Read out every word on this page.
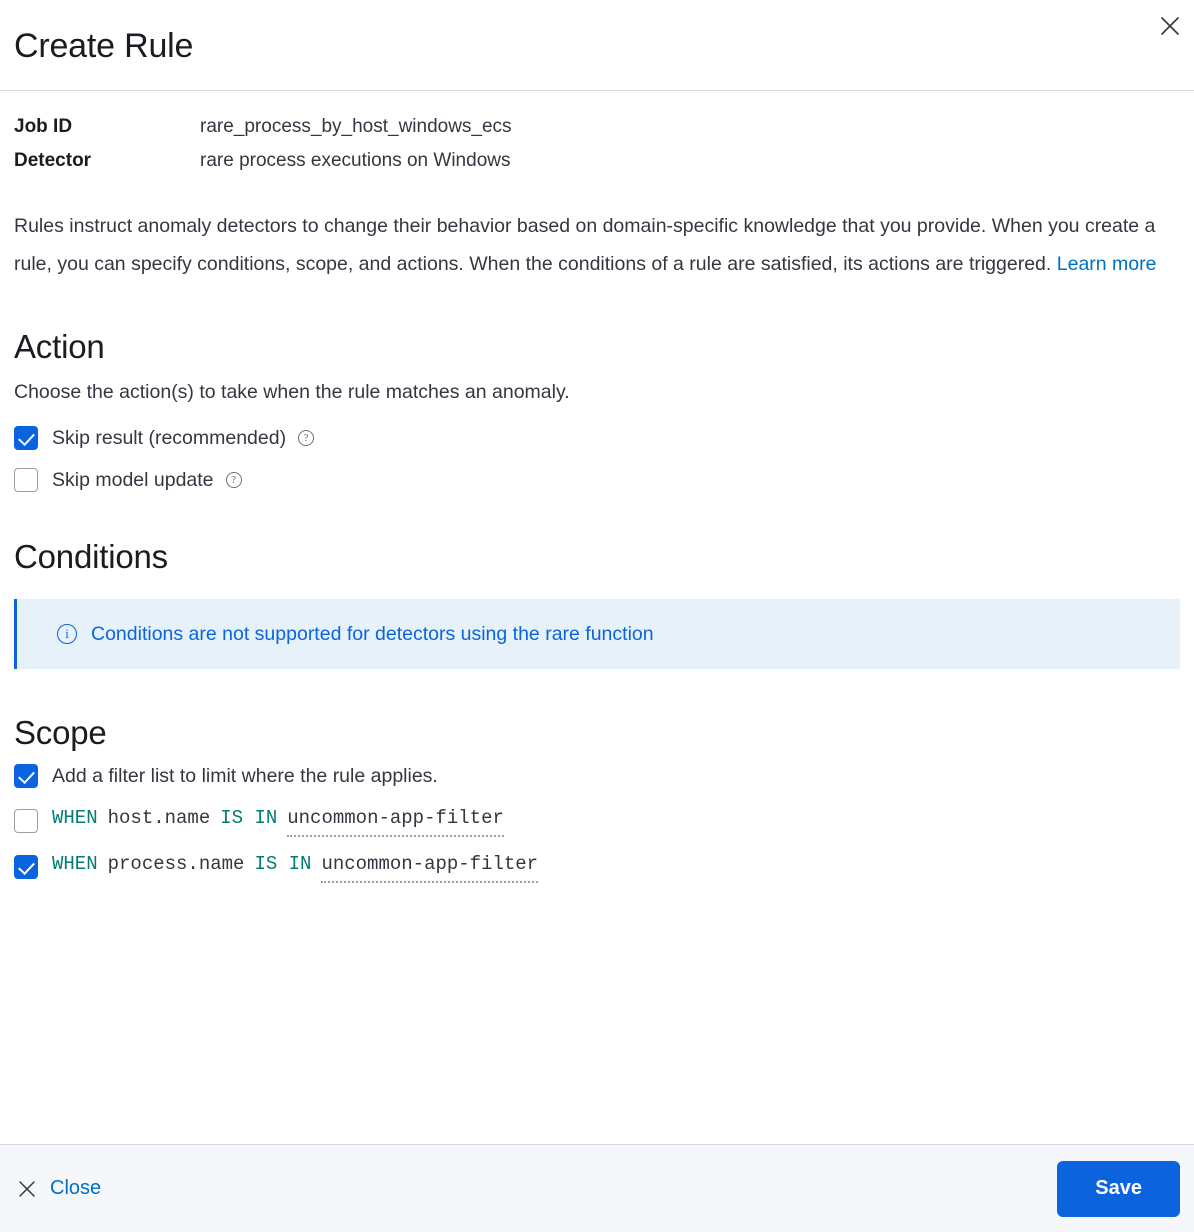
Create Rule
Job ID	rare_process_by_host_windows_ecs
Detector	rare process executions on Windows

Rules instruct anomaly detectors to change their behavior based on domain-specific knowledge that you provide. When you create a rule, you can specify conditions, scope, and actions. When the conditions of a rule are satisfied, its actions are triggered. Learn more

Action

Choose the action(s) to take when the rule matches an anomaly.

Skip result (recommended)	?
Skip model update	?
Conditions
i	Conditions are not supported for detectors using the rare function
Scope
Add a filter list to limit where the rule applies.
WHEN host.name IS IN uncommon-app-filter
WHEN process.name IS IN uncommon-app-filter
Close	Save
